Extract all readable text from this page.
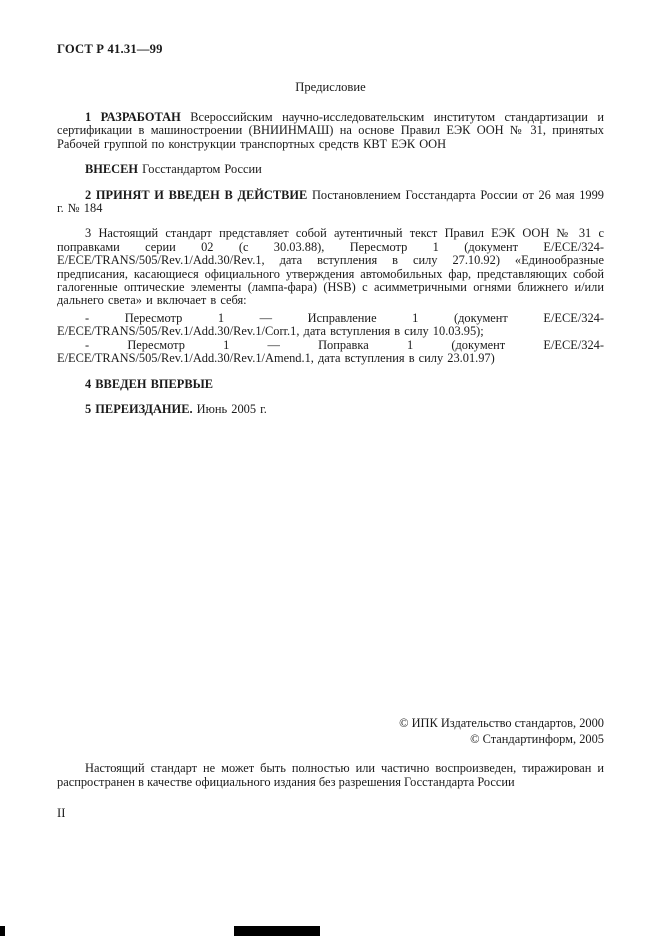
ГОСТ Р 41.31—99
Предисловие

1 РАЗРАБОТАН Всероссийским научно-исследовательским институтом стандартизации и сертификации в машиностроении (ВНИИНМАШ) на основе Правил ЕЭК ООН № 31, принятых Рабочей группой по конструкции транспортных средств КВТ ЕЭК ООН

ВНЕСЕН Госстандартом России

2 ПРИНЯТ И ВВЕДЕН В ДЕЙСТВИЕ Постановлением Госстандарта России от 26 мая 1999 г. № 184

3 Настоящий стандарт представляет собой аутентичный текст Правил ЕЭК ООН № 31 с поправками серии 02 (с 30.03.88), Пересмотр 1 (документ E/ECE/324-E/ECE/TRANS/505/Rev.1/Add.30/Rev.1, дата вступления в силу 27.10.92) «Единообразные предписания, касающиеся официального утверждения автомобильных фар, представляющих собой галогенные оптические элементы (лампа-фара) (HSB) с асимметричными огнями ближнего и/или дальнего света» и включает в себя:

- Пересмотр 1 — Исправление 1 (документ E/ECE/324-E/ECE/TRANS/505/Rev.1/Add.30/Rev.1/Corr.1, дата вступления в силу 10.03.95);

- Пересмотр 1 — Поправка 1 (документ E/ECE/324-E/ECE/TRANS/505/Rev.1/Add.30/Rev.1/Amend.1, дата вступления в силу 23.01.97)

4 ВВЕДЕН ВПЕРВЫЕ

5 ПЕРЕИЗДАНИЕ. Июнь 2005 г.

© ИПК Издательство стандартов, 2000
© Стандартинформ, 2005

Настоящий стандарт не может быть полностью или частично воспроизведен, тиражирован и распространен в качестве официального издания без разрешения Госстандарта России

II
